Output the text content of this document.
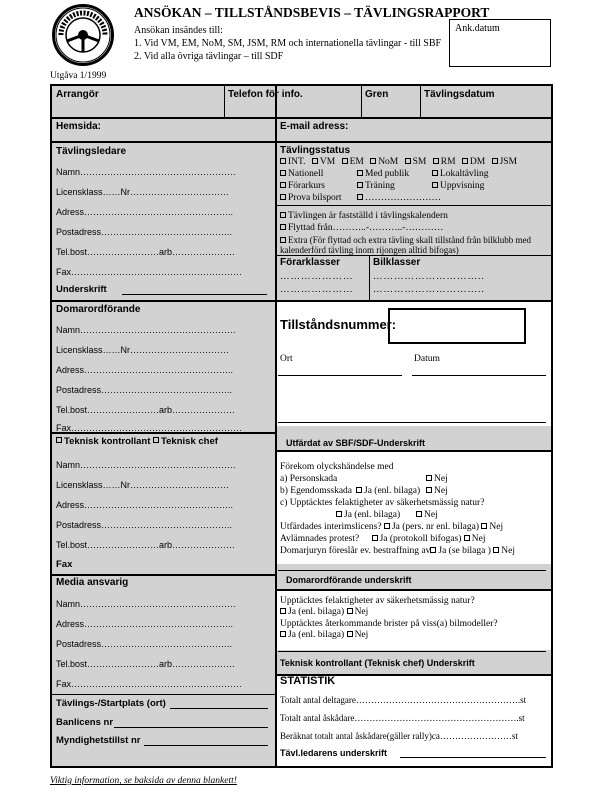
ANSÖKAN – TILLSTÅNDSBEVIS – TÄVLINGSRAPPORT
Ansökan insändes till:
1. Vid VM, EM, NoM, SM, JSM, RM och internationella tävlingar - till SBF
2. Vid alla övriga tävlingar – till SDF
Utgåva 1/1999
Ank.datum
Arrangör	Telefon för info.	Gren	Tävlingsdatum
Hemsida:	E-mail adress:
Tävlingsledare
Namn…………………………………………….
Licensklass……Nr……………………………
Adress…………………………………………..
Postadress……………………………………..
Tel.bost……………………arb…………………
Fax…………………………………………………
Underskrift
Tävlingsstatus
INT. VM EM NoM SM RM DM JSM
Nationell	Med publik	Lokaltävling
Förarkurs	Träning	Uppvisning
Prova bilsport	……………………
Tävlingen är fastställd i tävlingskalendern
Flyttad från………..-………..-…………
Extra (För flyttad och extra tävling skall tillstånd från bilklubb med kalenderförd tävling inom rijongen alltid bifogas)
Förarklasser	Bilklasser
…………………
…………………
…………………………..
…………………………..
Domarordförande
Namn…………………………………………….
Licensklass……Nr……………………………
Adress…………………………………………..
Postadress……………………………………..
Tel.bost……………………arb…………………
Fax…………………………………………………
Tillståndsnummer:
Ort	Datum
Utfärdat av SBF/SDF-Underskrift
Teknisk kontrollant Teknisk chef
Namn…………………………………………….
Licensklass……Nr……………………………
Adress…………………………………………..
Postadress……………………………………..
Tel.bost……………………arb…………………
Fax
Förekom olyckshändelse med
a) Personskada	Nej
b) Egendomsskada	Ja (enl. bilaga)	Nej
c) Upptäcktes felaktigheter av säkerhetsmässig natur?
Ja (enl. bilaga)	Nej
Utfärdades interimslicens? Ja (pers. nr enl. bilaga) Nej
Avlämnades protest? Ja (protokoll bifogas) Nej
Domarjuryn föreslår ev. bestraffning av Ja (se bilaga ) Nej
Domarordförande underskrift
Media ansvarig
Namn…………………………………………….
Adress…………………………………………..
Postadress……………………………………..
Tel.bost……………………arb…………………
Fax…………………………………………………
Tävlings-/Startplats (ort)
Banlicens nr
Myndighetstillst nr
Upptäcktes felaktigheter av säkerhetsmässig natur?
Ja (enl. bilaga) Nej
Upptäcktes återkommande brister på viss(a) bilmodeller?
Ja (enl. bilaga) Nej
Teknisk kontrollant (Teknisk chef) Underskrift
STATISTIK
Totalt antal deltagare……………………………………………….st
Totalt antal åskådare……………………………………………….st
Beräknat totalt antal åskådare(gäller rally)ca……………………st
Tävl.ledarens underskrift
Viktig information, se baksida av denna blankett!
